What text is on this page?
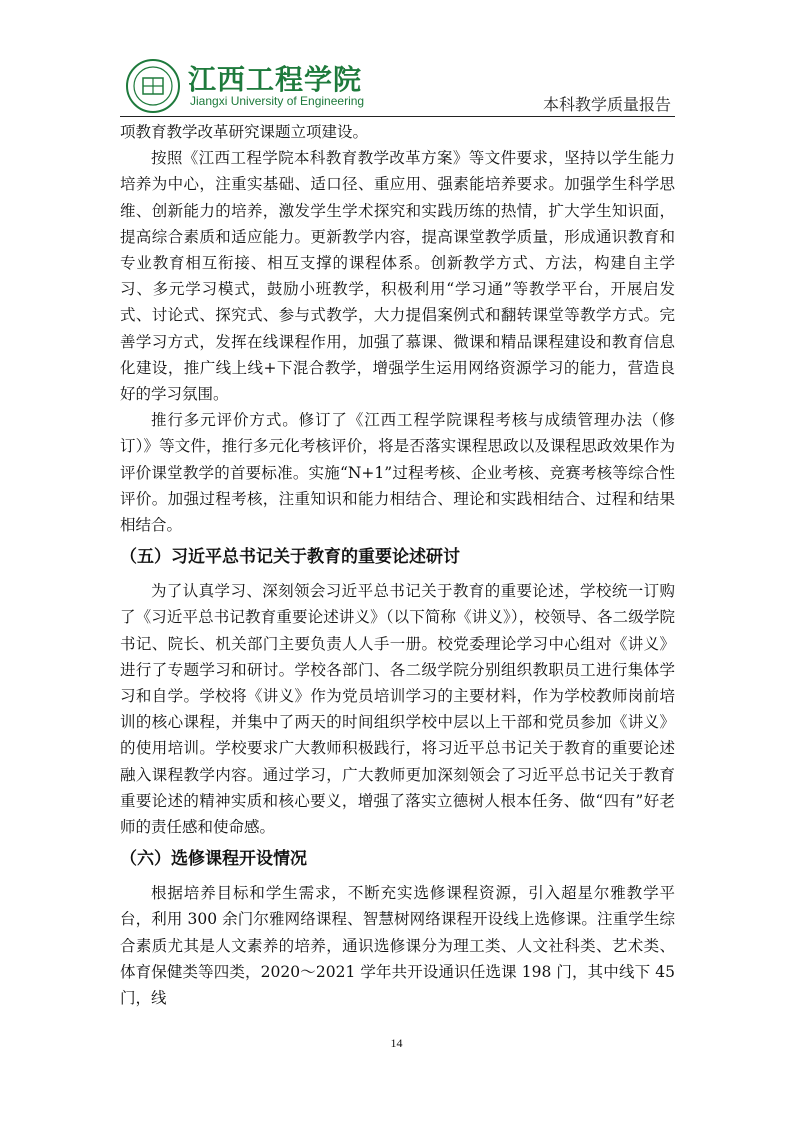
江西工程学院
Jiangxi University of Engineering	本科教学质量报告

项教育教学改革研究课题立项建设。

按照《江西工程学院本科教育教学改革方案》等文件要求，坚持以学生能力培养为中心，注重实基础、适口径、重应用、强素能培养要求。加强学生科学思维、创新能力的培养，激发学生学术探究和实践历练的热情，扩大学生知识面，提高综合素质和适应能力。更新教学内容，提高课堂教学质量，形成通识教育和专业教育相互衔接、相互支撑的课程体系。创新教学方式、方法，构建自主学习、多元学习模式，鼓励小班教学，积极利用“学习通”等教学平台，开展启发式、讨论式、探究式、参与式教学，大力提倡案例式和翻转课堂等教学方式。完善学习方式，发挥在线课程作用，加强了慕课、微课和精品课程建设和教育信息化建设，推广线上线+下混合教学，增强学生运用网络资源学习的能力，营造良好的学习氛围。

推行多元评价方式。修订了《江西工程学院课程考核与成绩管理办法（修订）》等文件，推行多元化考核评价，将是否落实课程思政以及课程思政效果作为评价课堂教学的首要标准。实施“N+1”过程考核、企业考核、竞赛考核等综合性评价。加强过程考核，注重知识和能力相结合、理论和实践相结合、过程和结果相结合。

（五）习近平总书记关于教育的重要论述研讨

为了认真学习、深刻领会习近平总书记关于教育的重要论述，学校统一订购了《习近平总书记教育重要论述讲义》（以下简称《讲义》），校领导、各二级学院书记、院长、机关部门主要负责人人手一册。校党委理论学习中心组对《讲义》进行了专题学习和研讨。学校各部门、各二级学院分别组织教职员工进行集体学习和自学。学校将《讲义》作为党员培训学习的主要材料，作为学校教师岗前培训的核心课程，并集中了两天的时间组织学校中层以上干部和党员参加《讲义》的使用培训。学校要求广大教师积极践行，将习近平总书记关于教育的重要论述融入课程教学内容。通过学习，广大教师更加深刻领会了习近平总书记关于教育重要论述的精神实质和核心要义，增强了落实立德树人根本任务、做“四有”好老师的责任感和使命感。

（六）选修课程开设情况

根据培养目标和学生需求，不断充实选修课程资源，引入超星尔雅教学平台，利用 300 余门尔雅网络课程、智慧树网络课程开设线上选修课。注重学生综合素质尤其是人文素养的培养，通识选修课分为理工类、人文社科类、艺术类、体育保健类等四类，2020～2021 学年共开设通识任选课 198 门，其中线下 45 门，线

14
